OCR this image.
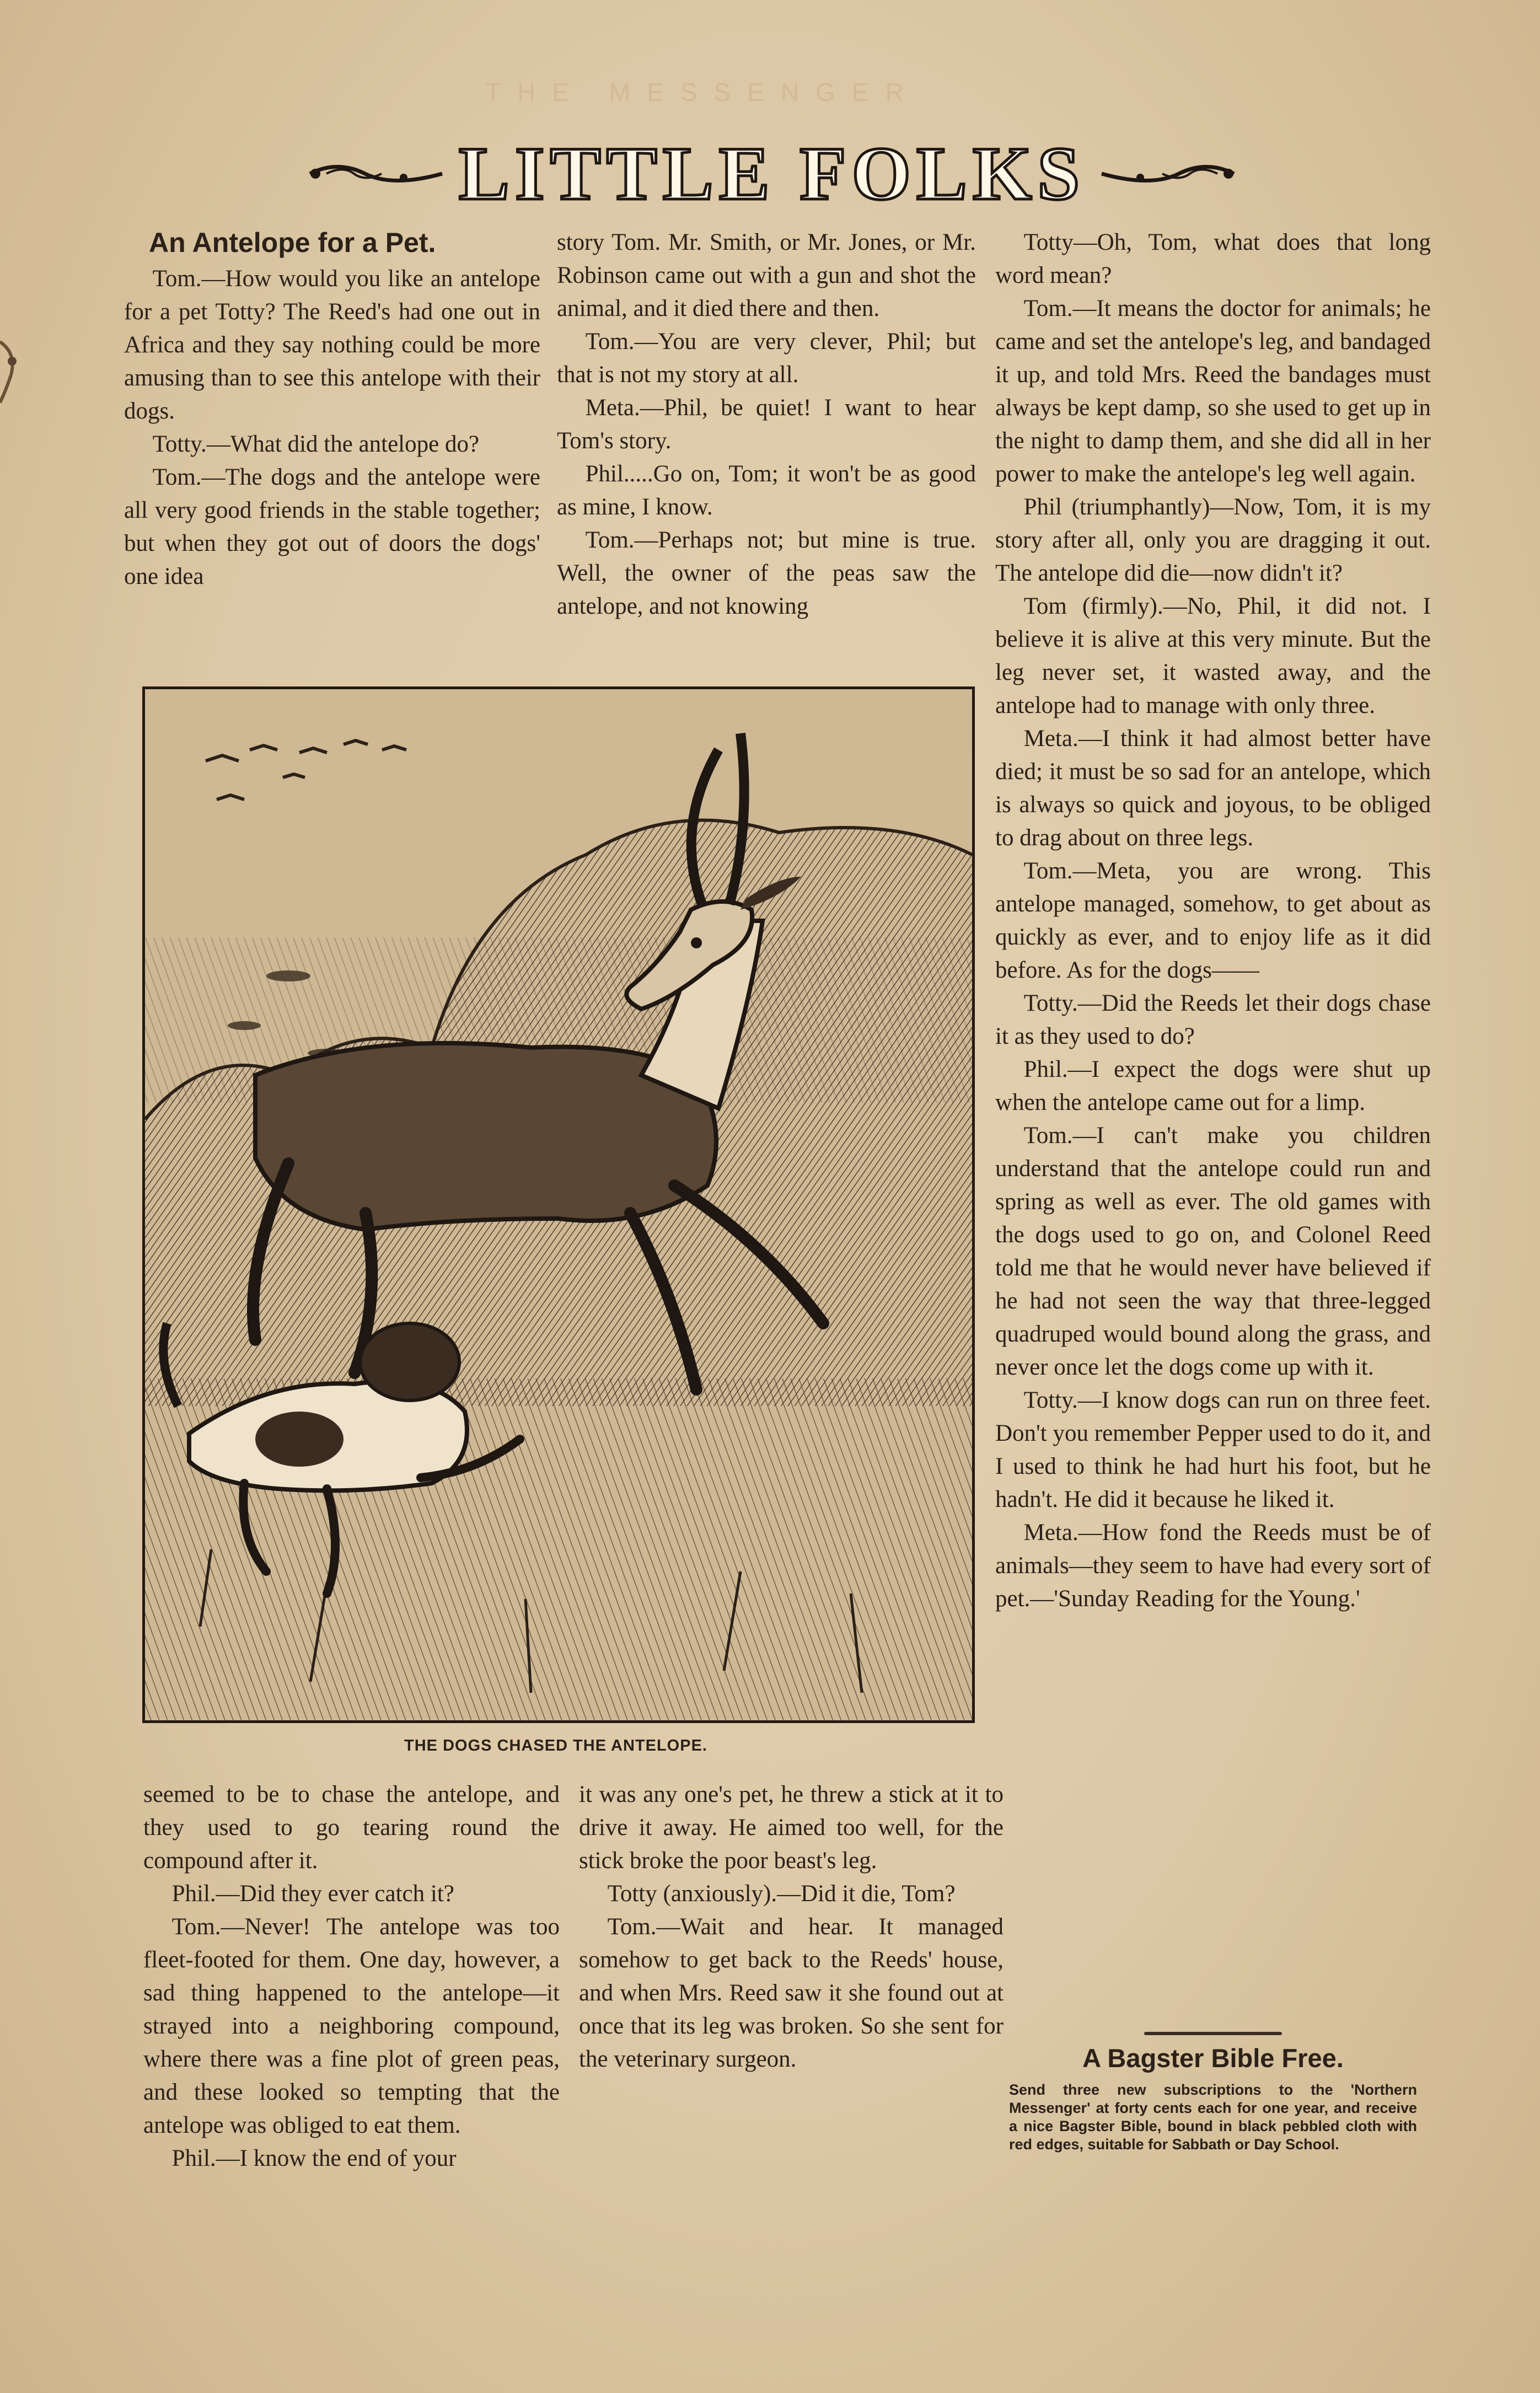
THE MESSENGER
LITTLE FOLKS
An Antelope for a Pet.

Tom.—How would you like an antelope for a pet Totty? The Reed's had one out in Africa and they say nothing could be more amusing than to see this antelope with their dogs.

Totty.—What did the antelope do?

Tom.—The dogs and the antelope were all very good friends in the stable together; but when they got out of doors the dogs' one idea

story Tom. Mr. Smith, or Mr. Jones, or Mr. Robinson came out with a gun and shot the animal, and it died there and then.

Tom.—You are very clever, Phil; but that is not my story at all.

Meta.—Phil, be quiet! I want to hear Tom's story.

Phil.....Go on, Tom; it won't be as good as mine, I know.

Tom.—Perhaps not; but mine is true. Well, the owner of the peas saw the antelope, and not knowing

Totty—Oh, Tom, what does that long word mean?

Tom.—It means the doctor for animals; he came and set the antelope's leg, and bandaged it up, and told Mrs. Reed the bandages must always be kept damp, so she used to get up in the night to damp them, and she did all in her power to make the antelope's leg well again.

Phil (triumphantly)—Now, Tom, it is my story after all, only you are dragging it out. The antelope did die—now didn't it?

Tom (firmly).—No, Phil, it did not. I believe it is alive at this very minute. But the leg never set, it wasted away, and the antelope had to manage with only three.

Meta.—I think it had almost better have died; it must be so sad for an antelope, which is always so quick and joyous, to be obliged to drag about on three legs.

Tom.—Meta, you are wrong. This antelope managed, somehow, to get about as quickly as ever, and to enjoy life as it did before. As for the dogs——

Totty.—Did the Reeds let their dogs chase it as they used to do?

Phil.—I expect the dogs were shut up when the antelope came out for a limp.

Tom.—I can't make you children understand that the antelope could run and spring as well as ever. The old games with the dogs used to go on, and Colonel Reed told me that he would never have believed if he had not seen the way that three-legged quadruped would bound along the grass, and never once let the dogs come up with it.

Totty.—I know dogs can run on three feet. Don't you remember Pepper used to do it, and I used to think he had hurt his foot, but he hadn't. He did it because he liked it.

Meta.—How fond the Reeds must be of animals—they seem to have had every sort of pet.—'Sunday Reading for the Young.'

THE DOGS CHASED THE ANTELOPE.

seemed to be to chase the antelope, and they used to go tearing round the compound after it.

Phil.—Did they ever catch it?

Tom.—Never! The antelope was too fleet-footed for them. One day, however, a sad thing happened to the antelope—it strayed into a neighboring compound, where there was a fine plot of green peas, and these looked so tempting that the antelope was obliged to eat them.

Phil.—I know the end of your

it was any one's pet, he threw a stick at it to drive it away. He aimed too well, for the stick broke the poor beast's leg.

Totty (anxiously).—Did it die, Tom?

Tom.—Wait and hear. It managed somehow to get back to the Reeds' house, and when Mrs. Reed saw it she found out at once that its leg was broken. So she sent for the veterinary surgeon.	A Bagster Bible Free.
Send three new subscriptions to the 'Northern Messenger' at forty cents each for one year, and receive a nice Bagster Bible, bound in black pebbled cloth with red edges, suitable for Sabbath or Day School.
